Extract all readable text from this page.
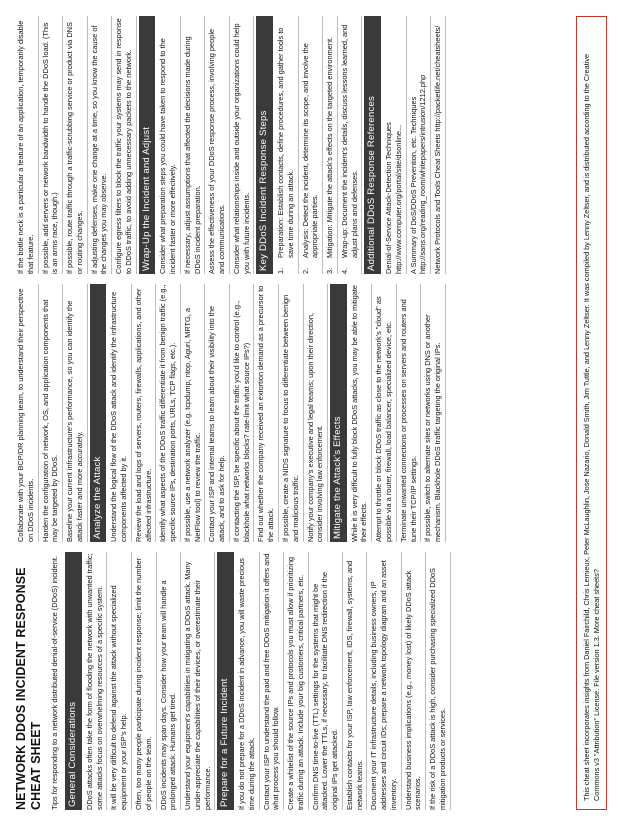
NETWORK DDOS INCIDENT RESPONSE CHEAT SHEET Tips for responding to a network distributed denial-of-service (DDoS) incident. General Considerations DDoS attacks often take the form of flooding the network with unwanted traffic; some attacks focus on overwhelming resources of a specific system. It will be very difficult to defend against the attack without specialized equipment or your ISP's help. Often, too many people participate during incident response; limit the number of people on the team. DDoS incidents may span days. Consider how your team will handle a prolonged attack. Humans get tired. Understand your equipment's capabilities in mitigating a DDoS attack. Many under-appreciate the capabilities of their devices, or overestimate their performance. Prepare for a Future Incident If you do not prepare for a DDoS incident in advance, you will waste precious time during the attack. Contact your ISP to understand the paid and free DDoS mitigation it offers and what process you should follow. Create a whitelist of the source IPs and protocols you must allow if prioritizing traffic during an attack. Include your big customers, critical partners, etc. Confirm DNS time-to-live (TTL) settings for the systems that might be attacked. Lower the TTLs, if necessary, to facilitate DNS redirection if the original IPs get attacked. Establish contacts for your ISP, law enforcement, IDS, firewall, systems, and network teams. Document your IT infrastructure details, including business owners, IP addresses and circuit IDs; prepare a network topology diagram and an asset inventory. Understand business implications (e.g., money lost) of likely DDoS attack scenarios. If the risk of a DDoS attack is high, consider purchasing specialized DDoS mitigation products or services.

Collaborate with your BCP/DR planning team, to understand their perspective on DDoS incidents. Harden the configuration of network, OS, and application components that may be targeted by DDoS. Baseline your current infrastructure's performance, so you can identify the attack faster and more accurately. Analyze the Attack Understand the logical flow of the DDoS attack and identify the infrastructure components affected by it. Review the load and logs of servers, routers, firewalls, applications, and other affected infrastructure. Identify what aspects of the DDoS traffic differentiate it from benign traffic (e.g., specific source IPs, destination ports, URLs, TCP flags, etc.). If possible, use a network analyzer (e.g. tcpdump, ntop, Aguri, MRTG, a NetFlow tool) to review the traffic. Contact your ISP and internal teams to learn about their visibility into the attack, and to ask for help. If contacting the ISP, be specific about the traffic you'd like to control (e.g., blackhole what networks blocks? rate-limit what source IPs?) Find out whether the company received an extortion demand as a precursor to the attack. If possible, create a NIDS signature to focus to differentiate between benign and malicious traffic. Notify your company's executive and legal teams; upon their direction, consider involving law enforcement. Mitigate the Attack's Effects While it is very difficult to fully block DDoS attacks, you may be able to mitigate their effects. Attempt to throttle or block DDoS traffic as close to the network's "cloud" as possible via a router, firewall, load balancer, specialized device, etc. Terminate unwanted connections or processes on servers and routers and tune their TCP/IP settings. If possible, switch to alternate sites or networks using DNS or another mechanism. Blackhole DDoS traffic targeting the original IPs.

If the bottle neck is a particular a feature of an application, temporarily disable that feature. If possible, add servers or network bandwidth to handle the DDoS load. (This is an arms race, though.) If possible, route traffic through a traffic-scrubbing service or product via DNS or routing changes. If adjusting defenses, make one change at a time, so you know the cause of the changes you may observe. Configure egress filters to block the traffic your systems may send in response to DDoS traffic, to avoid adding unnecessary packets to the network. Wrap-Up the Incident and Adjust Consider what preparation steps you could have taken to respond to the incident faster or more effectively. If necessary, adjust assumptions that affected the decisions made during DDoS incident preparation. Assess the effectiveness of your DDoS response process, involving people and communications. Consider what relationships inside and outside your organizations could help you with future incidents. Key DDoS Incident Response Steps 1.
Preparation: Establish contacts, define procedures, and gather tools to save time during an attack.
2.
Analysis: Detect the incident, determine its scope, and involve the appropriate parties.
3.
Mitigation: Mitigate the attack's effects on the targeted environment.
4.
Wrap-up: Document the incident's details, discuss lessons learned, and adjust plans and defenses. Additional DDoS Response References Denial-of-Service Attack-Detection Techniques http://www.computer.org/portal/site/dsonline... A Summary of DoS/DDoS Prevention, etc. Techniques http://sans.org/reading_room/whitepapers/intrusion/1212.php Network Protocols and Tools Cheat Sheets http://packetlife.net/cheatsheets/	This cheat sheet incorporates insights from Daniel Fairchild, Chris Lemieux, Peter McLaughlin, Jose Nazario, Donald Smith, Jim Tuttle, and Lenny Zeltser. It was compiled by Lenny Zeltser, and is distributed according to the Creative Commons v3 "Attribution" License. File version 1.3. More cheat sheets?
